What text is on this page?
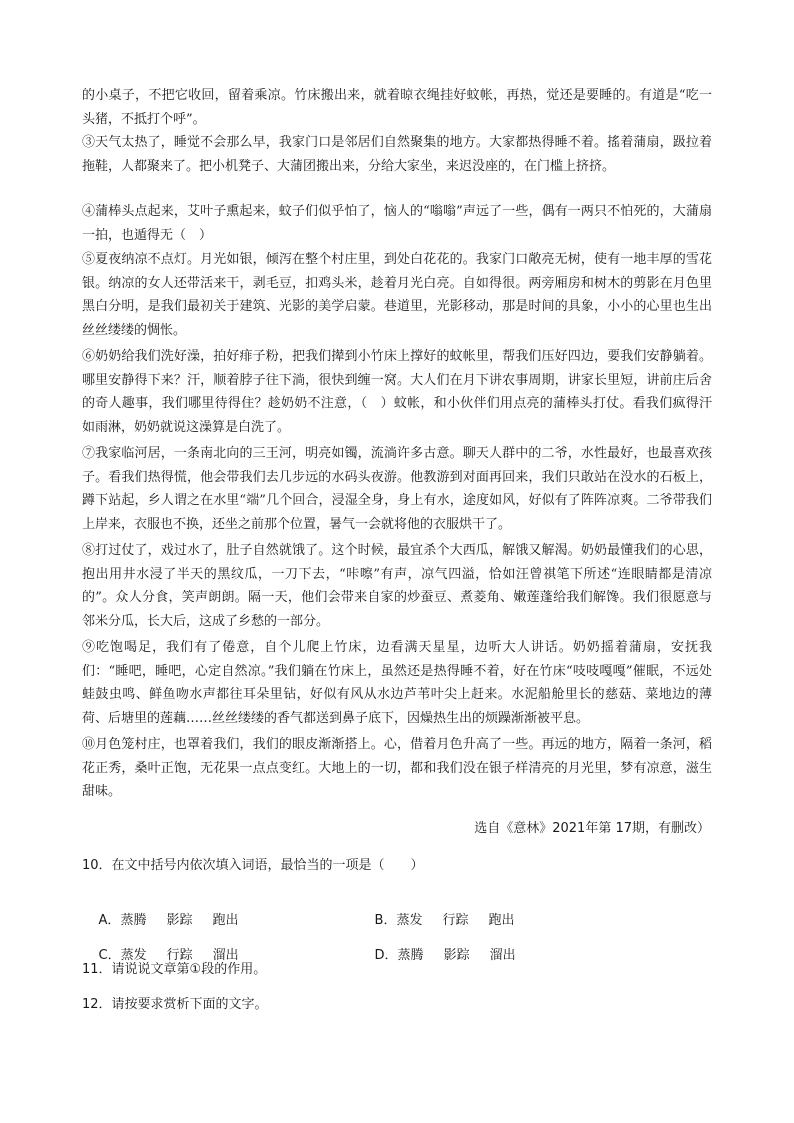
的小桌子，不把它收回，留着乘凉。竹床搬出来，就着晾衣绳挂好蚊帐，再热，觉还是要睡的。有道是“吃一头猪，不抵打个呼”。
③天气太热了，睡觉不会那么早，我家门口是邻居们自然聚集的地方。大家都热得睡不着。搖着蒲扇，趿拉着拖鞋，人都聚来了。把小机凳子、大蒲团搬出来，分给大家坐，来迟没座的，在门槛上挤挤。
④蒲棒头点起来，艾叶子熏起来，蚊子们似乎怕了，恼人的“嗡嗡”声远了一些，偶有一两只不怕死的，大蒲扇一拍，也遁得无（　）
⑤夏夜纳凉不点灯。月光如银，倾泻在整个村庄里，到处白花花的。我家门口敞亮无树，使有一地丰厚的雪花银。纳凉的女人还带活来干，剥毛豆，扣鸡头米，趁着月光白亮。自如得很。两旁厢房和树木的剪影在月色里黑白分明，是我们最初关于建筑、光影的美学启蒙。巷道里，光影移动，那是时间的具象，小小的心里也生出丝丝缕缕的惆怅。
⑥奶奶给我们洗好澡，拍好痱子粉，把我们撵到小竹床上撑好的蚊帐里，帮我们压好四边，要我们安静躺着。哪里安静得下来？汗，顺着脖子往下淌，很快到缠一窝。大人们在月下讲农事周期，讲家长里短，讲前庄后舍的奇人趣事，我们哪里待得住？趁奶奶不注意，（　）蚊帐，和小伙伴们用点亮的蒲棒头打仗。看我们疯得汗如雨淋，奶奶就说这澡算是白洗了。
⑦我家临河居，一条南北向的三王河，明亮如镯，流淌许多古意。聊天人群中的二爷，水性最好，也最喜欢孩子。看我们热得慌，他会带我们去几步远的水码头夜游。他教游到对面再回来，我们只敢站在没水的石板上，蹲下站起，乡人谓之在水里“端”几个回合，浸湿全身，身上有水，途度如风，好似有了阵阵凉爽。二爷带我们上岸来，衣服也不换，还坐之前那个位置，暑气一会就将他的衣服烘干了。
⑧打过仗了，戏过水了，肚子自然就饿了。这个时候，最宜杀个大西瓜，解饿又解渴。奶奶最懂我们的心思，抱出用井水浸了半天的黑纹瓜，一刀下去，“咔嚓”有声，凉气四溢，恰如汪曾祺笔下所述“连眼睛都是清凉的”。众人分食，笑声朗朗。隔一天，他们会带来自家的炒蚕豆、煮菱角、嫩莲蓬给我们解馋。我们很愿意与邻米分瓜，长大后，这成了乡愁的一部分。
⑨吃饱喝足，我们有了倦意，自个儿爬上竹床，边看满天星星，边听大人讲话。奶奶摇着蒲扇，安抚我们：“睡吧，睡吧，心定自然凉。”我们躺在竹床上，虽然还是热得睡不着，好在竹床“吱吱嘎嘎”催眠，不远处蛙鼓虫鸣、鲜鱼吻水声都往耳朵里钻，好似有风从水边芦苇叶尖上赶来。水泥船舱里长的慈菇、菜地边的薄荷、后塘里的莲藕……丝丝缕缕的香气都送到鼻子底下，因燥热生出的烦躁渐渐被平息。
⑩月色笼村庄，也罩着我们，我们的眼皮渐渐搭上。心，借着月色升高了一些。再远的地方，隔着一条河，稻花正秀，桑叶正饱，无花果一点点变红。大地上的一切，都和我们没在银子样清亮的月光里，梦有凉意，滋生甜味。
选自《意林》2021年第 17期，有删改）
10．在文中括号内依次填入词语，最恰当的一项是（　　）

A．蒸腾 影踪 跑出
	B．蒸发 行踪 跑出

C．蒸发 行踪 溜出
	D．蒸腾 影踪 溜出

11．请说说文章第①段的作用。
12．请按要求赏析下面的文字。
